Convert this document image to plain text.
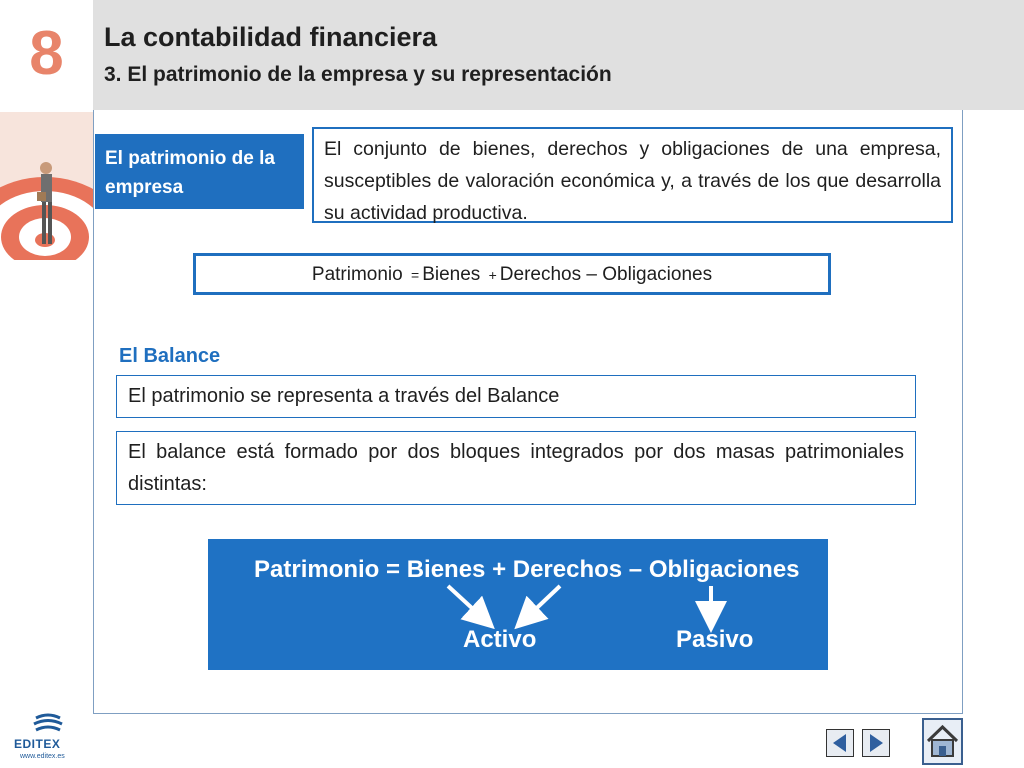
8	La contabilidad financiera
3. El patrimonio de la empresa y su representación
El patrimonio de la empresa
El conjunto de bienes, derechos y obligaciones de una empresa, susceptibles de valoración económica y, a través de los que desarrolla su actividad productiva.
Patrimonio = Bienes + Derechos – Obligaciones
El Balance
El patrimonio se representa a través del Balance
El balance está formado por dos bloques integrados por dos masas patrimoniales distintas:
Patrimonio = Bienes + Derechos – Obligaciones
Activo	Pasivo
EDITEX
www.editex.es
